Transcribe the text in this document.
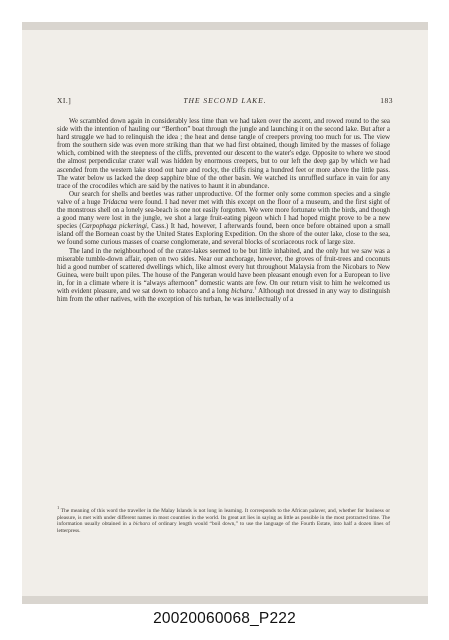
XI.]	THE SECOND LAKE.	183

We scrambled down again in considerably less time than we had taken over the ascent, and rowed round to the sea side with the intention of hauling our “Berthon” boat through the jungle and launching it on the second lake. But after a hard struggle we had to relinquish the idea ; the heat and dense tangle of creepers proving too much for us. The view from the southern side was even more striking than that we had first obtained, though limited by the masses of foliage which, combined with the steepness of the cliffs, prevented our descent to the water's edge. Opposite to where we stood the almost perpendicular crater wall was hidden by enormous creepers, but to our left the deep gap by which we had ascended from the western lake stood out bare and rocky, the cliffs rising a hundred feet or more above the little pass. The water below us lacked the deep sapphire blue of the other basin. We watched its unruffled surface in vain for any trace of the crocodiles which are said by the natives to haunt it in abundance.

Our search for shells and beetles was rather unproductive. Of the former only some common species and a single valve of a huge Tridacna were found. I had never met with this except on the floor of a museum, and the first sight of the monstrous shell on a lonely sea-beach is one not easily forgotten. We were more fortunate with the birds, and though a good many were lost in the jungle, we shot a large fruit-eating pigeon which I had hoped might prove to be a new species (Carpophaga pickeringi, Cass.) It had, however, I afterwards found, been once before obtained upon a small island off the Bornean coast by the United States Exploring Expedition. On the shore of the outer lake, close to the sea, we found some curious masses of coarse conglomerate, and several blocks of scoriaceous rock of large size.

The land in the neighbourhood of the crater-lakes seemed to be but little inhabited, and the only hut we saw was a miserable tumble-down affair, open on two sides. Near our anchorage, however, the groves of fruit-trees and coconuts hid a good number of scattered dwellings which, like almost every hut throughout Malaysia from the Nicobars to New Guinea, were built upon piles. The house of the Pangeran would have been pleasant enough even for a European to live in, for in a climate where it is “always afternoon” domestic wants are few. On our return visit to him he welcomed us with evident pleasure, and we sat down to tobacco and a long bichara.$^1$ Although not dressed in any way to distinguish him from the other natives, with the exception of his turban, he was intellectually of a

$^1$ The meaning of this word the traveller in the Malay Islands is not long in learning. It corresponds to the African palaver, and, whether for business or pleasure, is met with under different names in most countries in the world. Its great art lies in saying as little as possible in the most protracted time. The information usually obtained in a bichara of ordinary length would “boil down,” to use the language of the Fourth Estate, into half a dozen lines of letterpress.
20020060068_P222
